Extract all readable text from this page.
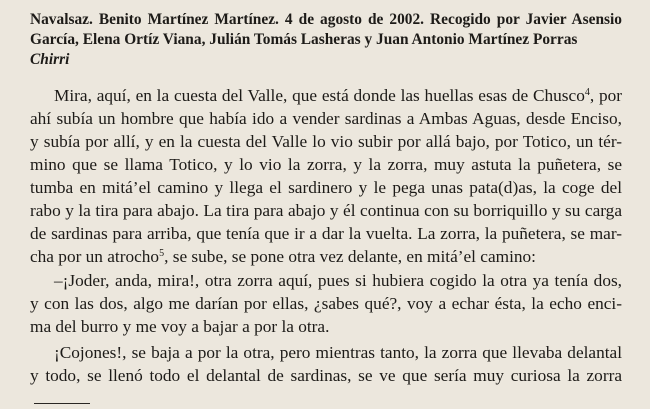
Navalsaz. Benito Martínez Martínez. 4 de agosto de 2002. Recogido por Javier Asensio
García, Elena Ortíz Viana, Julián Tomás Lasheras y Juan Antonio Martínez Porras
Chirri
Mira, aquí, en la cuesta del Valle, que está donde las huellas esas de Chusco$^4$, por
ahí subía un hombre que había ido a vender sardinas a Ambas Aguas, desde Enciso,
y subía por allí, y en la cuesta del Valle lo vio subir por allá bajo, por Totico, un tér-
mino que se llama Totico, y lo vio la zorra, y la zorra, muy astuta la puñetera, se
tumba en mitá’el camino y llega el sardinero y le pega unas pata(d)as, la coge del
rabo y la tira para abajo. La tira para abajo y él continua con su borriquillo y su carga
de sardinas para arriba, que tenía que ir a dar la vuelta. La zorra, la puñetera, se mar-
cha por un atrocho$^5$, se sube, se pone otra vez delante, en mitá’el camino:
–¡Joder, anda, mira!, otra zorra aquí, pues si hubiera cogido la otra ya tenía dos,
y con las dos, algo me darían por ellas, ¿sabes qué?, voy a echar ésta, la echo enci-
ma del burro y me voy a bajar a por la otra.
¡Cojones!, se baja a por la otra, pero mientras tanto, la zorra que llevaba delantal
y todo, se llenó todo el delantal de sardinas, se ve que sería muy curiosa la zorra
